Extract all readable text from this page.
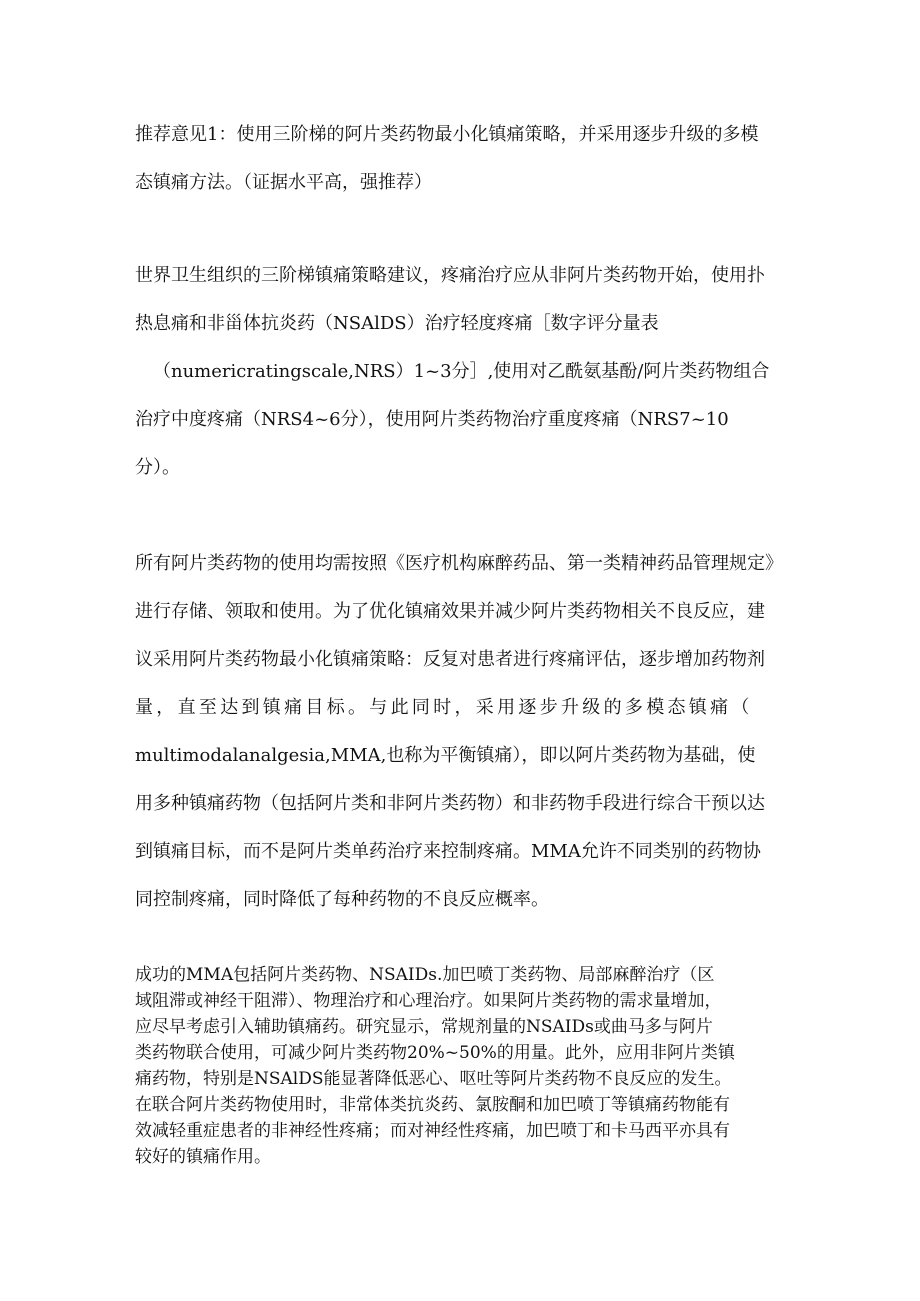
推荐意见1：使用三阶梯的阿片类药物最小化镇痛策略，并采用逐步升级的多模
态镇痛方法。（证据水平高，强推荐）
世界卫生组织的三阶梯镇痛策略建议，疼痛治疗应从非阿片类药物开始，使用扑
热息痛和非甾体抗炎药（NSAlDS）治疗轻度疼痛［数字评分量表
（numericratingscale,NRS）1~3分］,使用对乙酰氨基酚/阿片类药物组合
治疗中度疼痛（NRS4~6分），使用阿片类药物治疗重度疼痛（NRS7~10
分）。
所有阿片类药物的使用均需按照《医疗机构麻醉药品、第一类精神药品管理规定》
进行存储、领取和使用。为了优化镇痛效果并减少阿片类药物相关不良反应，建
议采用阿片类药物最小化镇痛策略：反复对患者进行疼痛评估，逐步增加药物剂
量，直至达到镇痛目标。与此同时，采用逐步升级的多模态镇痛（
multimodalanalgesia,MMA,也称为平衡镇痛），即以阿片类药物为基础，使
用多种镇痛药物（包括阿片类和非阿片类药物）和非药物手段进行综合干预以达
到镇痛目标，而不是阿片类单药治疗来控制疼痛。MMA允许不同类别的药物协
同控制疼痛，同时降低了每种药物的不良反应概率。
成功的MMA包括阿片类药物、NSAIDs.加巴喷丁类药物、局部麻醉治疗（区
域阻滞或神经干阻滞）、物理治疗和心理治疗。如果阿片类药物的需求量增加，
应尽早考虑引入辅助镇痛药。研究显示，常规剂量的NSAIDs或曲马多与阿片
类药物联合使用，可减少阿片类药物20%~50%的用量。此外，应用非阿片类镇
痛药物，特别是NSAlDS能显著降低恶心、呕吐等阿片类药物不良反应的发生。
在联合阿片类药物使用时，非常体类抗炎药、氯胺酮和加巴喷丁等镇痛药物能有
效减轻重症患者的非神经性疼痛；而对神经性疼痛，加巴喷丁和卡马西平亦具有
较好的镇痛作用。
